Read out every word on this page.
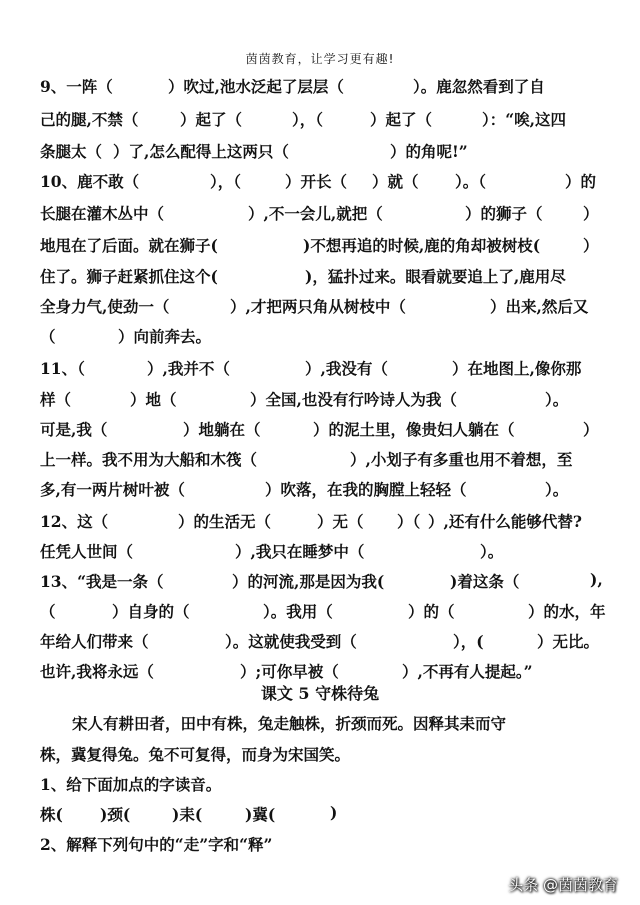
茵茵教育，让学习更有趣!
9、一阵（	）吹过,池水泛起了层层（	）。鹿忽然看到了自
己的腿,不禁（	）起了（	），（	）起了（	）：“唉,这四
条腿太（ ）了,怎么配得上这两只（	）的角呢!”
10、鹿不敢（	），（	）开长（ ）就（ ）。（	）的
长腿在灌木丛中（	）,不一会儿,就把（	）的狮子（	）
地甩在了后面。就在狮子(	)不想再追的时候,鹿的角却被树枝(	）
住了。狮子赶紧抓住这个(	)，猛扑过来。眼看就要追上了,鹿用尽
全身力气,使劲一（	）,才把两只角从树枝中（	）出来,然后又
（	）向前奔去。
11、（	）,我并不（	）,我没有（	）在地图上,像你那
样（	）地（	）全国,也没有行吟诗人为我（	）。
可是,我（	）地躺在（	）的泥土里，像贵妇人躺在（	）
上一样。我不用为大船和木筏（	）,小划子有多重也用不着想，至
多,有一两片树叶被（	）吹落，在我的胸膛上轻轻（	）。
12、这（	）的生活无（	）无（ ）（ ）,还有什么能够代替?
任凭人世间（	）,我只在睡梦中（	）。
13、“我是一条（	）的河流,那是因为我(	)着这条（	),
（	）自身的（	）。我用（	）的（	）的水，年
年给人们带来（	）。这就使我受到（	），(	）无比。
也许,我将永远（	）;可你早被（	）,不再有人提起。”
宋人有耕田者，田中有株，兔走触株，折颈而死。因释其耒而守
株，冀复得兔。兔不可复得，而身为宋国笑。
1、给下面加点的字读音。
株( )颈(	)耒(	)冀(	)
2、解释下列句中的“走”字和“释”
课文 5 守株待兔
头条 @茵茵教育
